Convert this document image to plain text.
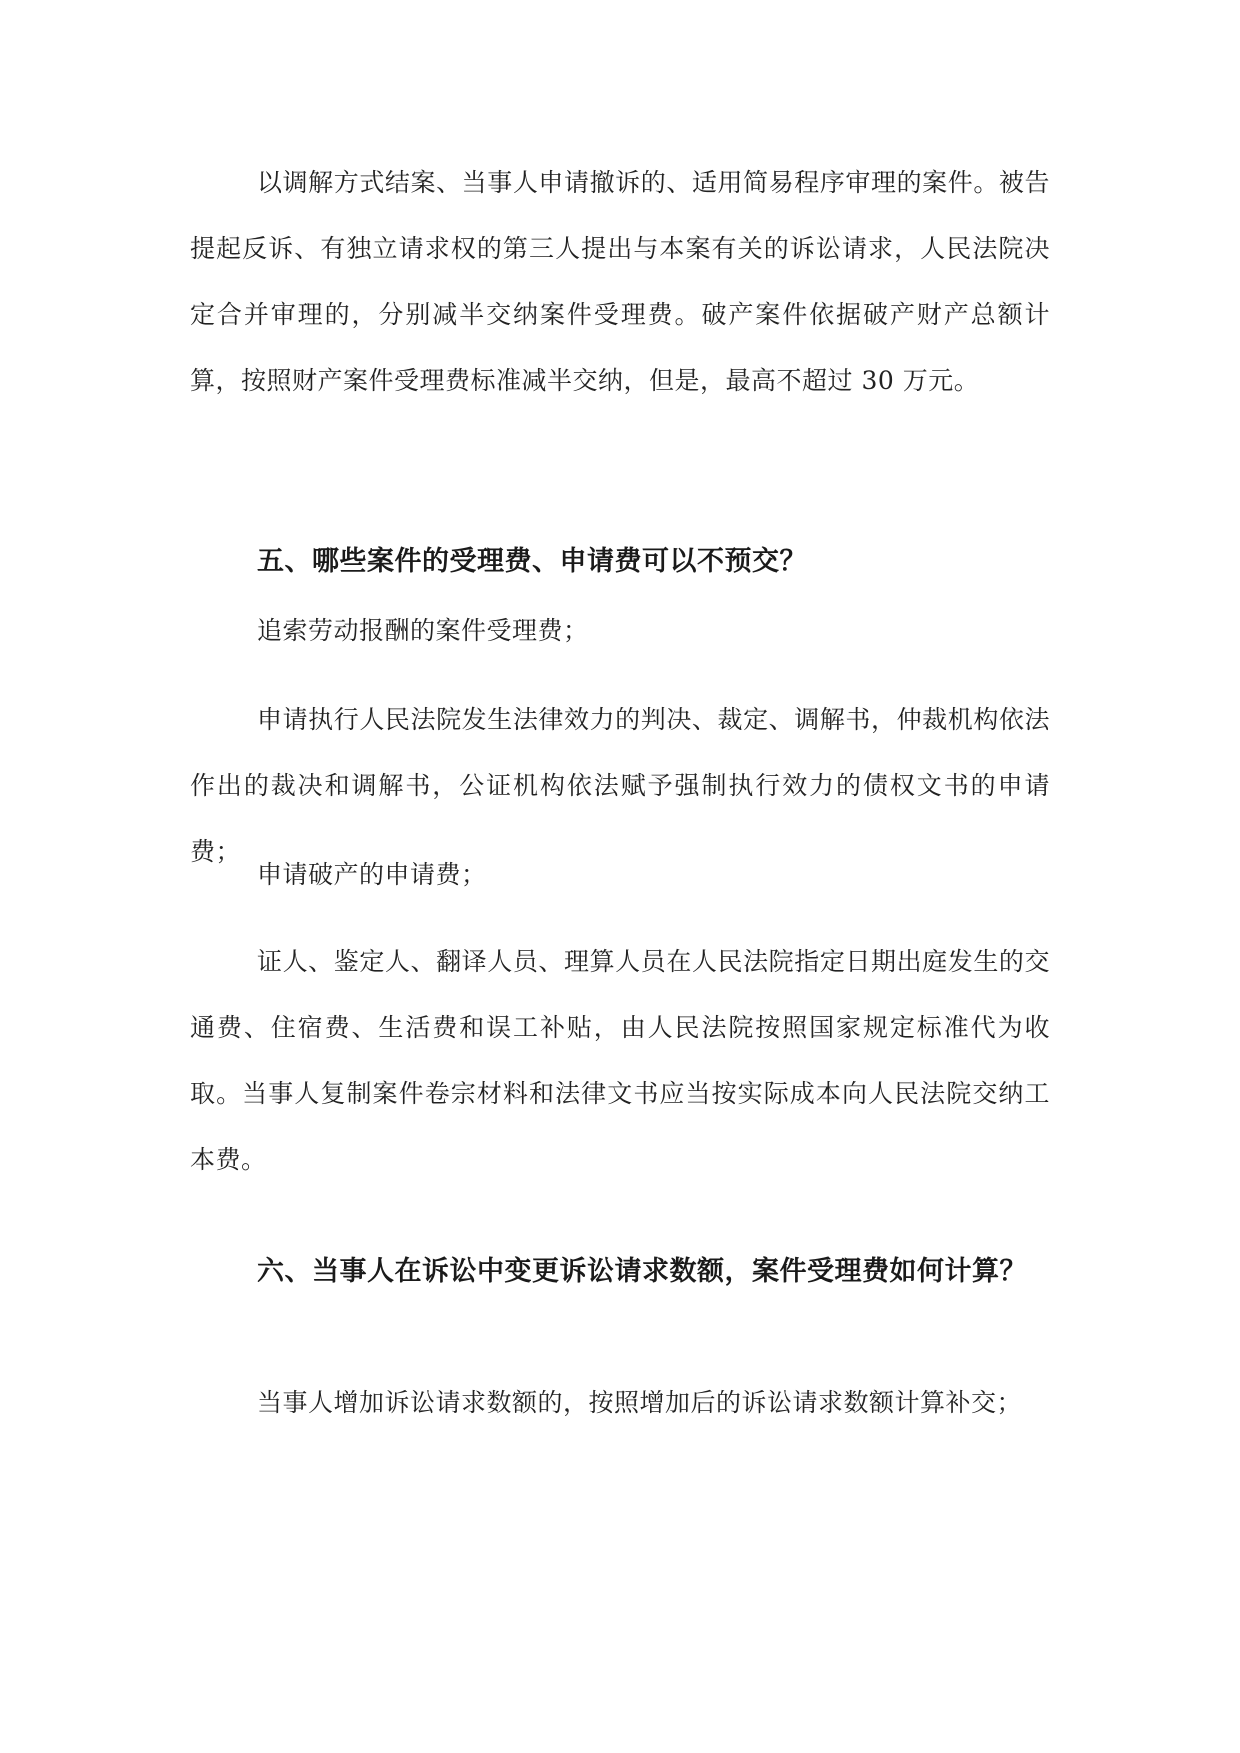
以调解方式结案、当事人申请撤诉的、适用简易程序审理的案件。被告提起反诉、有独立请求权的第三人提出与本案有关的诉讼请求，人民法院决定合并审理的，分别减半交纳案件受理费。破产案件依据破产财产总额计算，按照财产案件受理费标准减半交纳，但是，最高不超过 30 万元。

五、哪些案件的受理费、申请费可以不预交？

追索劳动报酬的案件受理费；

申请执行人民法院发生法律效力的判决、裁定、调解书，仲裁机构依法作出的裁决和调解书，公证机构依法赋予强制执行效力的债权文书的申请费；

申请破产的申请费；

证人、鉴定人、翻译人员、理算人员在人民法院指定日期出庭发生的交通费、住宿费、生活费和误工补贴，由人民法院按照国家规定标准代为收取。当事人复制案件卷宗材料和法律文书应当按实际成本向人民法院交纳工本费。

六、当事人在诉讼中变更诉讼请求数额，案件受理费如何计算？

当事人增加诉讼请求数额的，按照增加后的诉讼请求数额计算补交；
